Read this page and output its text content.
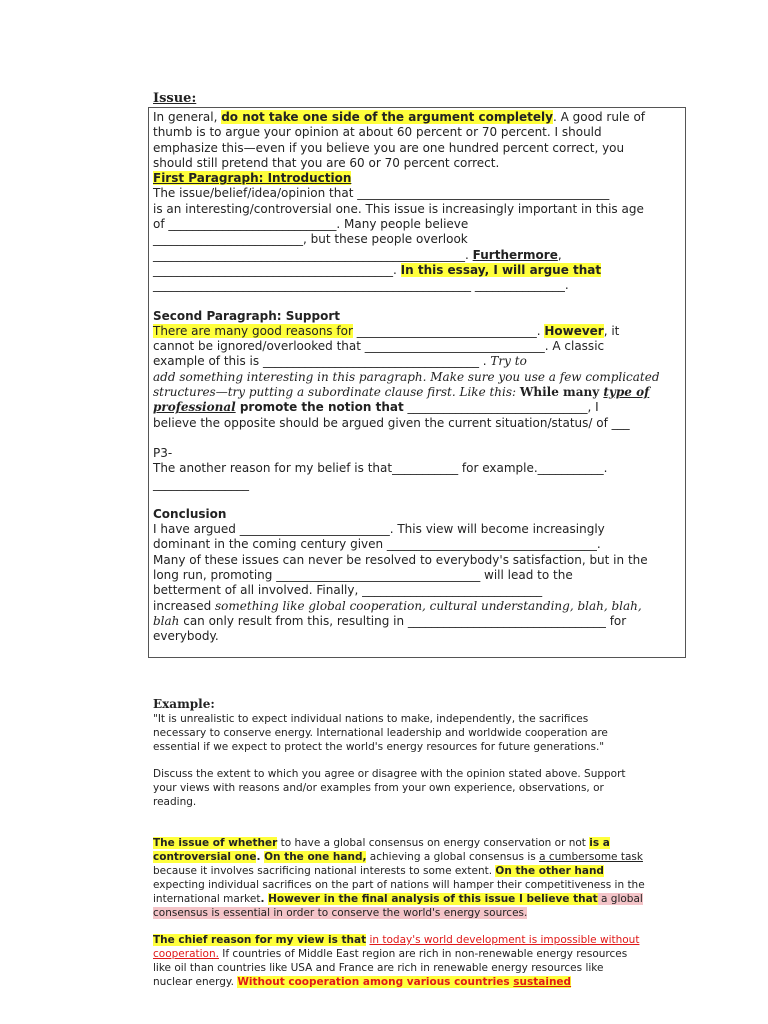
Issue:

In general, do not take one side of the argument completely. A good rule of
thumb is to argue your opinion at about 60 percent or 70 percent. I should
emphasize this—even if you believe you are one hundred percent correct, you
should still pretend that you are 60 or 70 percent correct.

First Paragraph: Introduction
The issue/belief/idea/opinion that __________________________________________
is an interesting/controversial one. This issue is increasingly important in this age
of ____________________________. Many people believe
_________________________, but these people overlook
____________________________________________________. Furthermore,
________________________________________. In this essay, I will argue that
_____________________________________________________ _______________.

Second Paragraph: Support
There are many good reasons for ______________________________. However, it
cannot be ignored/overlooked that ______________________________. A classic
example of this is ____________________________________ . Try to
add something interesting in this paragraph. Make sure you use a few complicated
structures—try putting a subordinate clause first. Like this: While many type of
professional promote the notion that ______________________________, I
believe the opposite should be argued given the current situation/status/ of ___

P3-
The another reason for my belief is that___________ for example.___________.
________________

Conclusion
I have argued _________________________. This view will become increasingly
dominant in the coming century given ___________________________________.
Many of these issues can never be resolved to everybody's satisfaction, but in the
long run, promoting __________________________________ will lead to the
betterment of all involved. Finally, ______________________________
increased something like global cooperation, cultural understanding, blah, blah,
blah can only result from this, resulting in _________________________________ for
everybody.

Example:

"It is unrealistic to expect individual nations to make, independently, the sacrifices
necessary to conserve energy. International leadership and worldwide cooperation are
essential if we expect to protect the world's energy resources for future generations."

Discuss the extent to which you agree or disagree with the opinion stated above. Support
your views with reasons and/or examples from your own experience, observations, or
reading.

The issue of whether to have a global consensus on energy conservation or not is a
controversial one. On the one hand, achieving a global consensus is a cumbersome task
because it involves sacrificing national interests to some extent. On the other hand
expecting individual sacrifices on the part of nations will hamper their competitiveness in the
international market. However in the final analysis of this issue I believe that a global
consensus is essential in order to conserve the world's energy sources.

The chief reason for my view is that in today's world development is impossible without
cooperation. If countries of Middle East region are rich in non-renewable energy resources
like oil than countries like USA and France are rich in renewable energy resources like
nuclear energy. Without cooperation among various countries sustained
